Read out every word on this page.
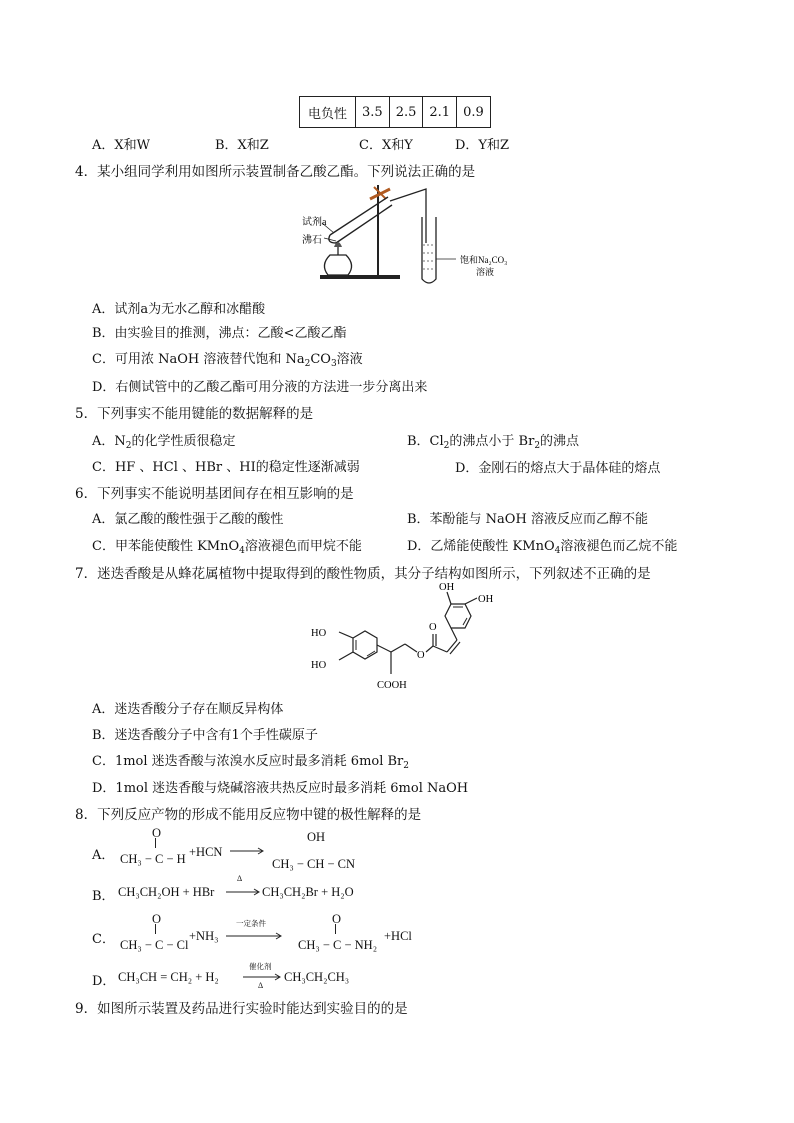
电负性	3.5	2.5	2.1	0.9
A．X和W	B．X和Z	C．X和Y	D．Y和Z
4．某小组同学利用如图所示装置制备乙酸乙酯。下列说法正确的是
试剂a
沸石
饱和Na₂CO₃
溶液
A．试剂a为无水乙醇和冰醋酸
B．由实验目的推测，沸点：乙酸<乙酸乙酯
C．可用浓 NaOH 溶液替代饱和 $Na_2CO_3$溶液
D．右侧试管中的乙酸乙酯可用分液的方法进一步分离出来
5．下列事实不能用键能的数据解释的是
A．$N_2$的化学性质很稳定	B．$Cl_2$的沸点小于 $Br_2$的沸点
C．HF 、HCl 、HBr 、HI的稳定性逐渐减弱	D．金刚石的熔点大于晶体硅的熔点
6．下列事实不能说明基团间存在相互影响的是
A．氯乙酸的酸性强于乙酸的酸性	B．苯酚能与 NaOH 溶液反应而乙醇不能
C．甲苯能使酸性 KMnO$_4$溶液褪色而甲烷不能	D．乙烯能使酸性 KMnO$_4$溶液褪色而乙烷不能
7．迷迭香酸是从蜂花属植物中提取得到的酸性物质，其分子结构如图所示，下列叙述不正确的是
HO
HO
COOH
O
O
OH
OH
A．迷迭香酸分子存在顺反异构体
B．迷迭香酸分子中含有1个手性碳原子
C．1mol 迷迭香酸与浓溴水反应时最多消耗 6mol $Br_2$
D．1mol 迷迭香酸与烧碱溶液共热反应时最多消耗 6mol NaOH
8．下列反应产物的形成不能用反应物中键的极性解释的是
A．
O
CH₃ − C − H +HCN
OH
CH₃ − CH − CN
B． CH₃CH₂OH + HBr
Δ
CH₃CH₂Br + H₂O
C．
O
CH₃ − C − Cl
+NH₃
一定条件	O
CH₃ − C − NH₂
+HCl
D． CH₃CH = CH₂ + H₂
催化剂
Δ
CH₃CH₂CH₃
9．如图所示装置及药品进行实验时能达到实验目的的是
